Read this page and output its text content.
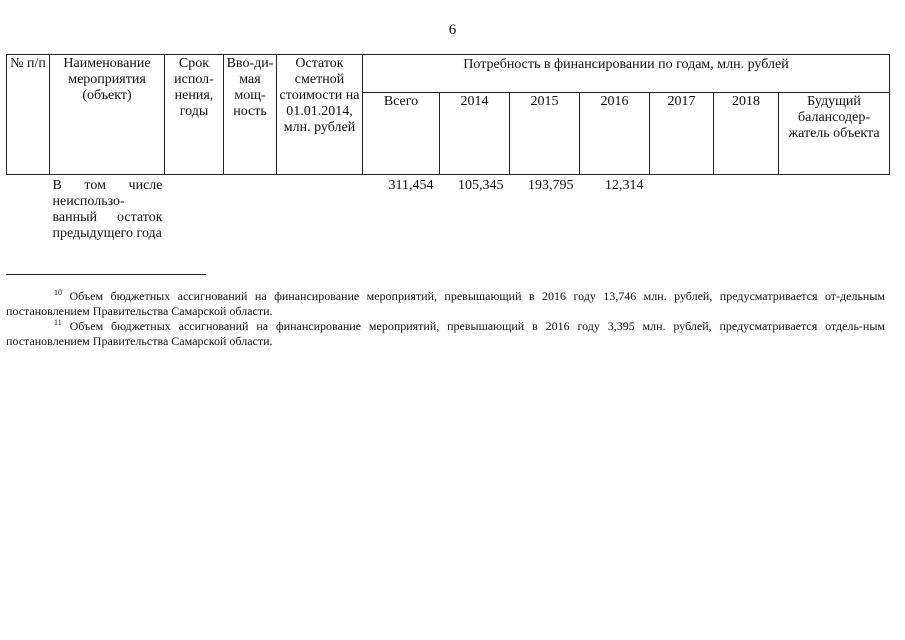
6
№ п/п	Наименование мероприятия (объект)	Срок испол-нения, годы	Вво-ди-мая мощ-ность	Остаток сметной стоимости на 01.01.2014, млн. рублей	Потребность в финансировании по годам, млн. рублей						
					Всего	2014	2015	2016	2017	2018	Будущий балансодер-жатель объекта
	В том числе неиспользо-ванный остаток предыдущего года				311,454	105,345	193,795	12,314			

$^{10}$ Объем бюджетных ассигнований на финансирование мероприятий, превышающий в 2016 году 13,746 млн. рублей, предусматривается от-дельным постановлением Правительства Самарской области.

$^{11}$ Объем бюджетных ассигнований на финансирование мероприятий, превышающий в 2016 году 3,395 млн. рублей, предусматривается отдель-ным постановлением Правительства Самарской области.
